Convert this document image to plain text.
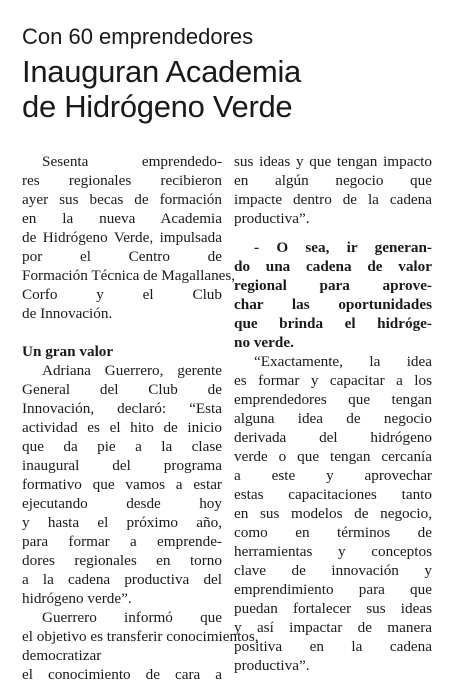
Con 60 emprendedores
Inauguran Academia
de Hidrógeno Verde
Sesenta emprendedo-
res regionales recibieron
ayer sus becas de formación
en la nueva Academia
de Hidrógeno Verde, impulsada
por el Centro de
Formación Técnica de Magallanes,
Corfo y el Club
de Innovación.
Un gran valor
Adriana Guerrero, gerente
General del Club de
Innovación, declaró: “Esta
actividad es el hito de inicio
que da pie a la clase
inaugural del programa
formativo que vamos a estar
ejecutando desde hoy
y hasta el próximo año,
para formar a emprende-
dores regionales en torno
a la cadena productiva del
hidrógeno verde”.
Guerrero informó que
el objetivo es transferir conocimientos,
democratizar
el conocimiento de cara a
sus ideas y que tengan impacto
en algún negocio que
impacte dentro de la cadena
productiva”.
- O sea, ir generan-
do una cadena de valor
regional para aprove-
char las oportunidades
que brinda el hidróge-
no verde.
“Exactamente, la idea
es formar y capacitar a los
emprendedores que tengan
alguna idea de negocio
derivada del hidrógeno
verde o que tengan cercanía
a este y aprovechar
estas capacitaciones tanto
en sus modelos de negocio,
como en términos de
herramientas y conceptos
clave de innovación y
emprendimiento para que
puedan fortalecer sus ideas
y así impactar de manera
positiva en la cadena
productiva”.
